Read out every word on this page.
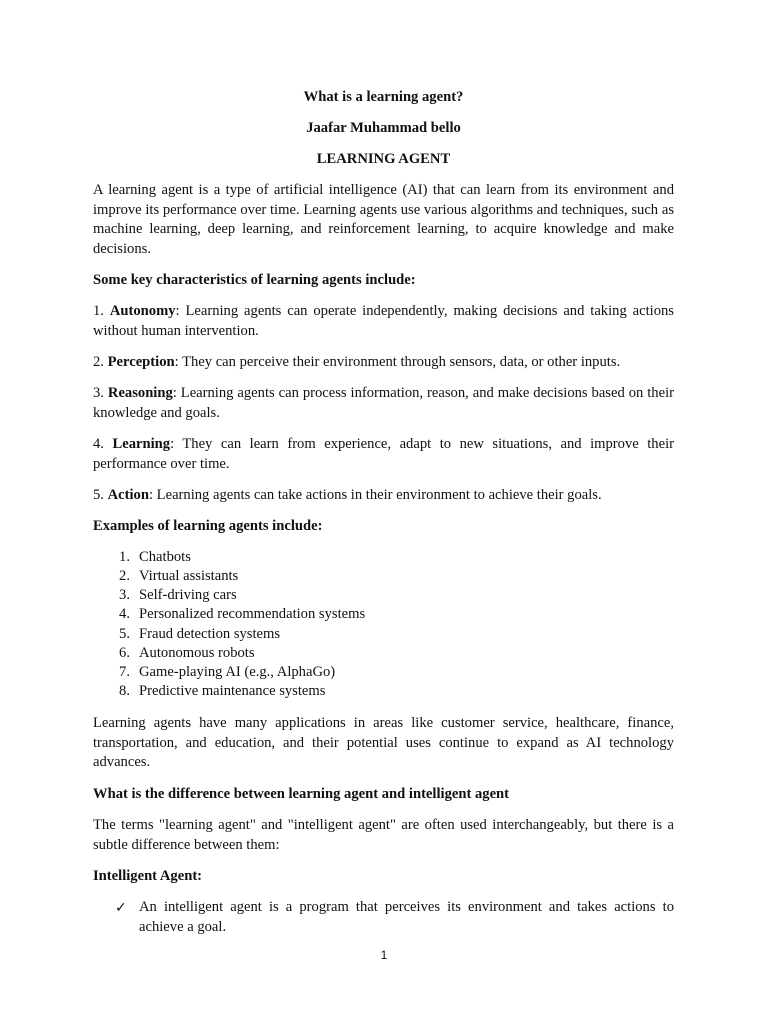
What is a learning agent?

Jaafar Muhammad bello

LEARNING AGENT

A learning agent is a type of artificial intelligence (AI) that can learn from its environment and improve its performance over time. Learning agents use various algorithms and techniques, such as machine learning, deep learning, and reinforcement learning, to acquire knowledge and make decisions.

Some key characteristics of learning agents include:

1. Autonomy: Learning agents can operate independently, making decisions and taking actions without human intervention.

2. Perception: They can perceive their environment through sensors, data, or other inputs.

3. Reasoning: Learning agents can process information, reason, and make decisions based on their knowledge and goals.

4. Learning: They can learn from experience, adapt to new situations, and improve their performance over time.

5. Action: Learning agents can take actions in their environment to achieve their goals.

Examples of learning agents include:

1. Chatbots
2. Virtual assistants
3. Self-driving cars
4. Personalized recommendation systems
5. Fraud detection systems
6. Autonomous robots
7. Game-playing AI (e.g., AlphaGo)
8. Predictive maintenance systems

Learning agents have many applications in areas like customer service, healthcare, finance, transportation, and education, and their potential uses continue to expand as AI technology advances.

What is the difference between learning agent and intelligent agent

The terms "learning agent" and "intelligent agent" are often used interchangeably, but there is a subtle difference between them:

Intelligent Agent:

✓ An intelligent agent is a program that perceives its environment and takes actions to achieve a goal.

1
